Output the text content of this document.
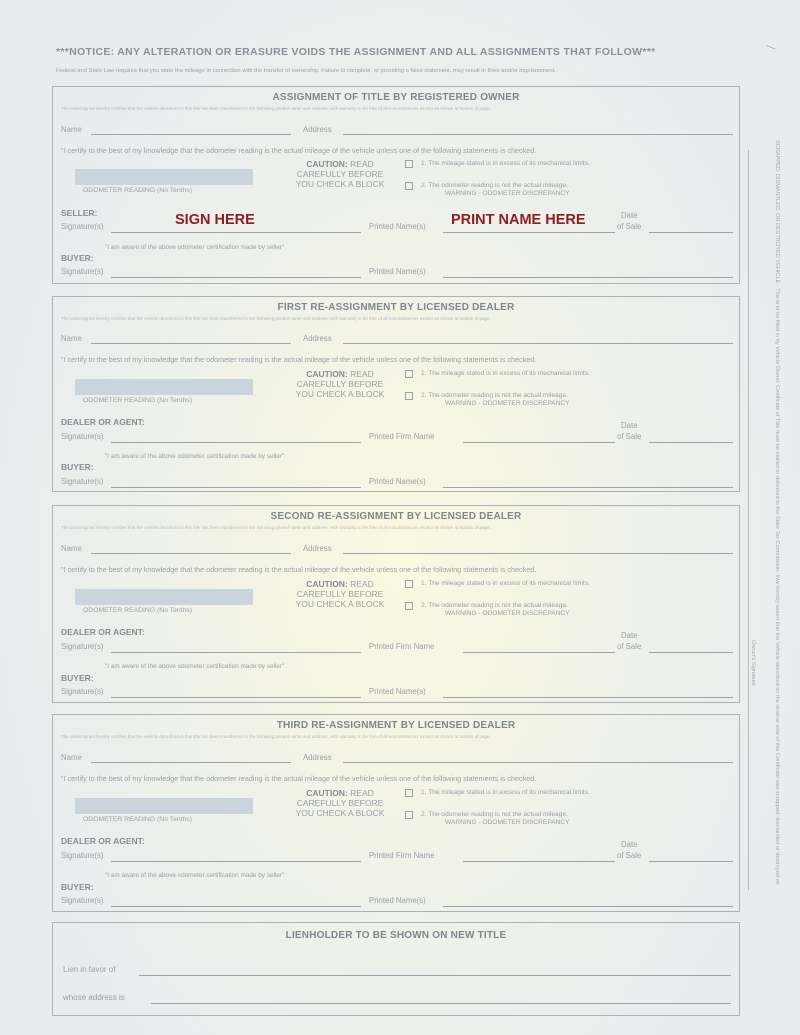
—
***NOTICE: ANY ALTERATION OR ERASURE VOIDS THE ASSIGNMENT AND ALL ASSIGNMENTS THAT FOLLOW***
Federal and State Law requires that you state the mileage in connection with the transfer of ownership. Failure to complete, or providing a false statement, may result in fines and/or imprisonment.
ASSIGNMENT OF TITLE BY REGISTERED OWNER
The undersigned hereby certifies that the vehicle described in this title has been transferred to the following printed name and address, with warranty to be free of all encumbrances except as shown at bottom of page.
Name	Address
"I certify to the best of my knowledge that the odometer reading is the actual mileage of the vehicle unless one of the following statements is checked.
CAUTION: READ
CAREFULLY BEFORE
YOU CHECK A BLOCK
ODOMETER READING (No Tenths)
1. The mileage stated is in excess of its mechanical limits.
2. The odometer reading is not the actual mileage.
WARNING - ODOMETER DISCREPANCY
SELLER:
Signature(s)	Printed Name(s)
Date
of Sale
"I am aware of the above odometer certification made by seller"
BUYER:
Signature(s)	Printed Name(s)
SIGN HERE	PRINT NAME HERE
FIRST RE-ASSIGNMENT BY LICENSED DEALER
The undersigned hereby certifies that the vehicle described in this title has been transferred to the following printed name and address, with warranty to be free of all encumbrances except as shown at bottom of page.
Name	Address
"I certify to the best of my knowledge that the odometer reading is the actual mileage of the vehicle unless one of the following statements is checked.
CAUTION: READ
CAREFULLY BEFORE
YOU CHECK A BLOCK
ODOMETER READING (No Tenths)
1. The mileage stated is in excess of its mechanical limits.
2. The odometer reading is not the actual mileage.
WARNING - ODOMETER DISCREPANCY
DEALER OR AGENT:
Signature(s)	Printed Firm Name
Date
of Sale
"I am aware of the above odometer certification made by seller"
BUYER:
Signature(s)	Printed Name(s)
SECOND RE-ASSIGNMENT BY LICENSED DEALER
The undersigned hereby certifies that the vehicle described in this title has been transferred to the following printed name and address, with warranty to be free of all encumbrances except as shown at bottom of page.
Name	Address
"I certify to the best of my knowledge that the odometer reading is the actual mileage of the vehicle unless one of the following statements is checked.
CAUTION: READ
CAREFULLY BEFORE
YOU CHECK A BLOCK
ODOMETER READING (No Tenths)
1. The mileage stated is in excess of its mechanical limits.
2. The odometer reading is not the actual mileage.
WARNING - ODOMETER DISCREPANCY
DEALER OR AGENT:
Signature(s)	Printed Firm Name
Date
of Sale
"I am aware of the above odometer certification made by seller"
BUYER:
Signature(s)	Printed Name(s)
THIRD RE-ASSIGNMENT BY LICENSED DEALER
The undersigned hereby certifies that the vehicle described in this title has been transferred to the following printed name and address, with warranty to be free of all encumbrances except as shown at bottom of page.
Name	Address
"I certify to the best of my knowledge that the odometer reading is the actual mileage of the vehicle unless one of the following statements is checked.
CAUTION: READ
CAREFULLY BEFORE
YOU CHECK A BLOCK
ODOMETER READING (No Tenths)
1. The mileage stated is in excess of its mechanical limits.
2. The odometer reading is not the actual mileage.
WARNING - ODOMETER DISCREPANCY
DEALER OR AGENT:
Signature(s)	Printed Firm Name
Date
of Sale
"I am aware of the above odometer certification made by seller"
BUYER:
Signature(s)	Printed Name(s)
LIENHOLDER TO BE SHOWN ON NEW TITLE
Lien in favor of
whose address is
SCRAPPED, DISMANTLED, OR DESTROYED VEHICLE - This is to be filled in by Vehicle Owner. Certificate of Title must be mailed or delivered to the State Tax Commission. I/we hereby assert that the Vehicle described on the reverse side of this Certificate was scrapped, dismantled or destroyed on
Owner's Signature
